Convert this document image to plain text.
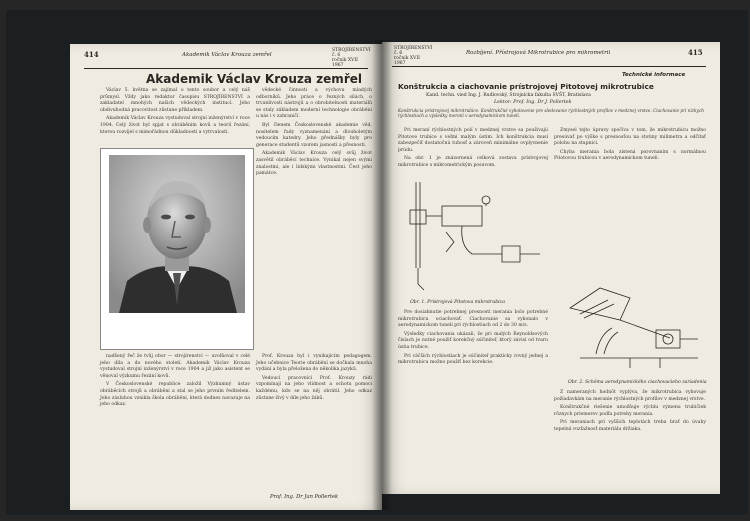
414	Akademik Václav Krouza zemřel
STROJÍRENSTVÍ
č. 6
ročník XVII
1967
Akademik Václav Krouza zemřel

Václav 5. května se zajímal o tento soubor a celý náš průmysl. Vždy jako redaktor časopisu STROJÍRENSTVÍ a zakladatel mnohých našich vědeckých institucí. Jeho obdivuhodná pracovitost zůstane příkladem.

Akademik Václav Krouza vystudoval strojní inženýrství v roce 1904. Celý život byl spjat s obráběním kovů a teorií řezání, kterou rozvíjel s mimořádnou důkladností a vytrvalostí.

vědecké činnosti a výchovu mladých odborníků. Jeho práce o řezných silách, o trvanlivosti nástrojů a o obrobitelnosti materiálů se staly základem moderní technologie obrábění u nás i v zahraničí.

Byl členem Československé akademie věd, nositelem řady vyznamenání a dlouholetým vedoucím katedry. Jeho přednášky byly pro generace studentů vzorem jasnosti a přesnosti.

Akademik Václav Krouza celý svůj život zasvětil obráběcí technice. Vynikal nejen svými znalostmi, ale i lidskými vlastnostmi. Čest jeho památce.

nadšený řeč že tvůj obor — strojírenství — uvolňoval v celé jeho díla a do nového století. Akademik Václav Krouza vystudoval strojní inženýrství v roce 1904 a již jako asistent se věnoval výzkumu řezání kovů.

V Československé republice založil Výzkumný ústav obráběcích strojů a obrábění a stal se jeho prvním ředitelem. Jeho zásluhou vznikla škola obrábění, která dodnes navazuje na jeho odkaz.

Prof. Krouza byl i vynikajícím pedagogem. Jeho učebnice Teorie obrábění se dočkala mnoha vydání a byla přeložena do několika jazyků.

Vedoucí pracovníci Prof. Krouzy rádi vzpomínají na jeho vlídnost a ochotu pomoci každému, kdo se na něj obrátil. Jeho odkaz zůstane živý v díle jeho žáků.

Prof. Ing. Dr Jan Pollertek
STROJÍRENSTVÍ
č. 6
ročník XVII
1967
Rozbíjení. Přístrojová Mikrotrubice pro mikrometrii	415
Technické informace
Konštrukcia a ciachovanie prístrojovej Pitotovej mikrotrubice
Kand. techn. vied Ing. J. Rudlovský, Strojnícka fakulta SVŠT, Bratislava
Lektor: Prof. Ing. Dr J. Pollertek
Konštrukcia prístrojovej mikrotrubice. Konštrukčné vyhotovenie pre sledovanie rýchlostných profilov v medznej vrstve. Ciachovanie pri nízkych rýchlostiach a výsledky meraní v aerodynamickom tuneli.

Pri meraní rýchlostných polí v medznej vrstve sa používajú Pitotove trubice s veľmi malým ústim. Ich konštrukcia musí zabezpečiť dostatočnú tuhosť a zároveň minimálne ovplyvnenie prúdu.

Na obr. 1 je znázornená celková zostava prístrojovej mikrotrubice s mikrometrickým posuvom.

Zmysel tejto úpravy spočíva v tom, že mikrotrubicu možno presúvať po výške s presnosťou na stotiny milimetra a odčítať polohu na stupnici.

Chyba merania bola zistená porovnaním s normálnou Pitotovou trubicou v aerodynamickom tuneli.

Obr. 1. Prístrojová Pitotova mikrotrubica
Obr. 2. Schéma aerodynamického ciachovacieho zariadenia

Pre dosiahnutie potrebnej presnosti merania bolo potrebné mikrotrubicu ociachovať. Ciachovanie sa vykonalo v aerodynamickom tuneli pri rýchlostiach od 2 do 30 m/s.

Výsledky ciachovania ukázali, že pri malých Reynoldsových číslach je nutné použiť korekčný súčiniteľ, ktorý závisí od tvaru ústia trubice.

Pri väčších rýchlostiach je súčiniteľ prakticky rovný jednej a mikrotrubicu možno použiť bez korekcie.

Z nameraných hodnôt vyplýva, že mikrotrubica vyhovuje požiadavkám na meranie rýchlostných profilov v medznej vrstve.

Konštrukčné riešenie umožňuje rýchlu výmenu trubičiek rôznych priemerov podľa potreby merania.

Pri meraniach pri vyšších teplotách treba brať do úvahy tepelnú rozťažnosť materiálu držiaka.
